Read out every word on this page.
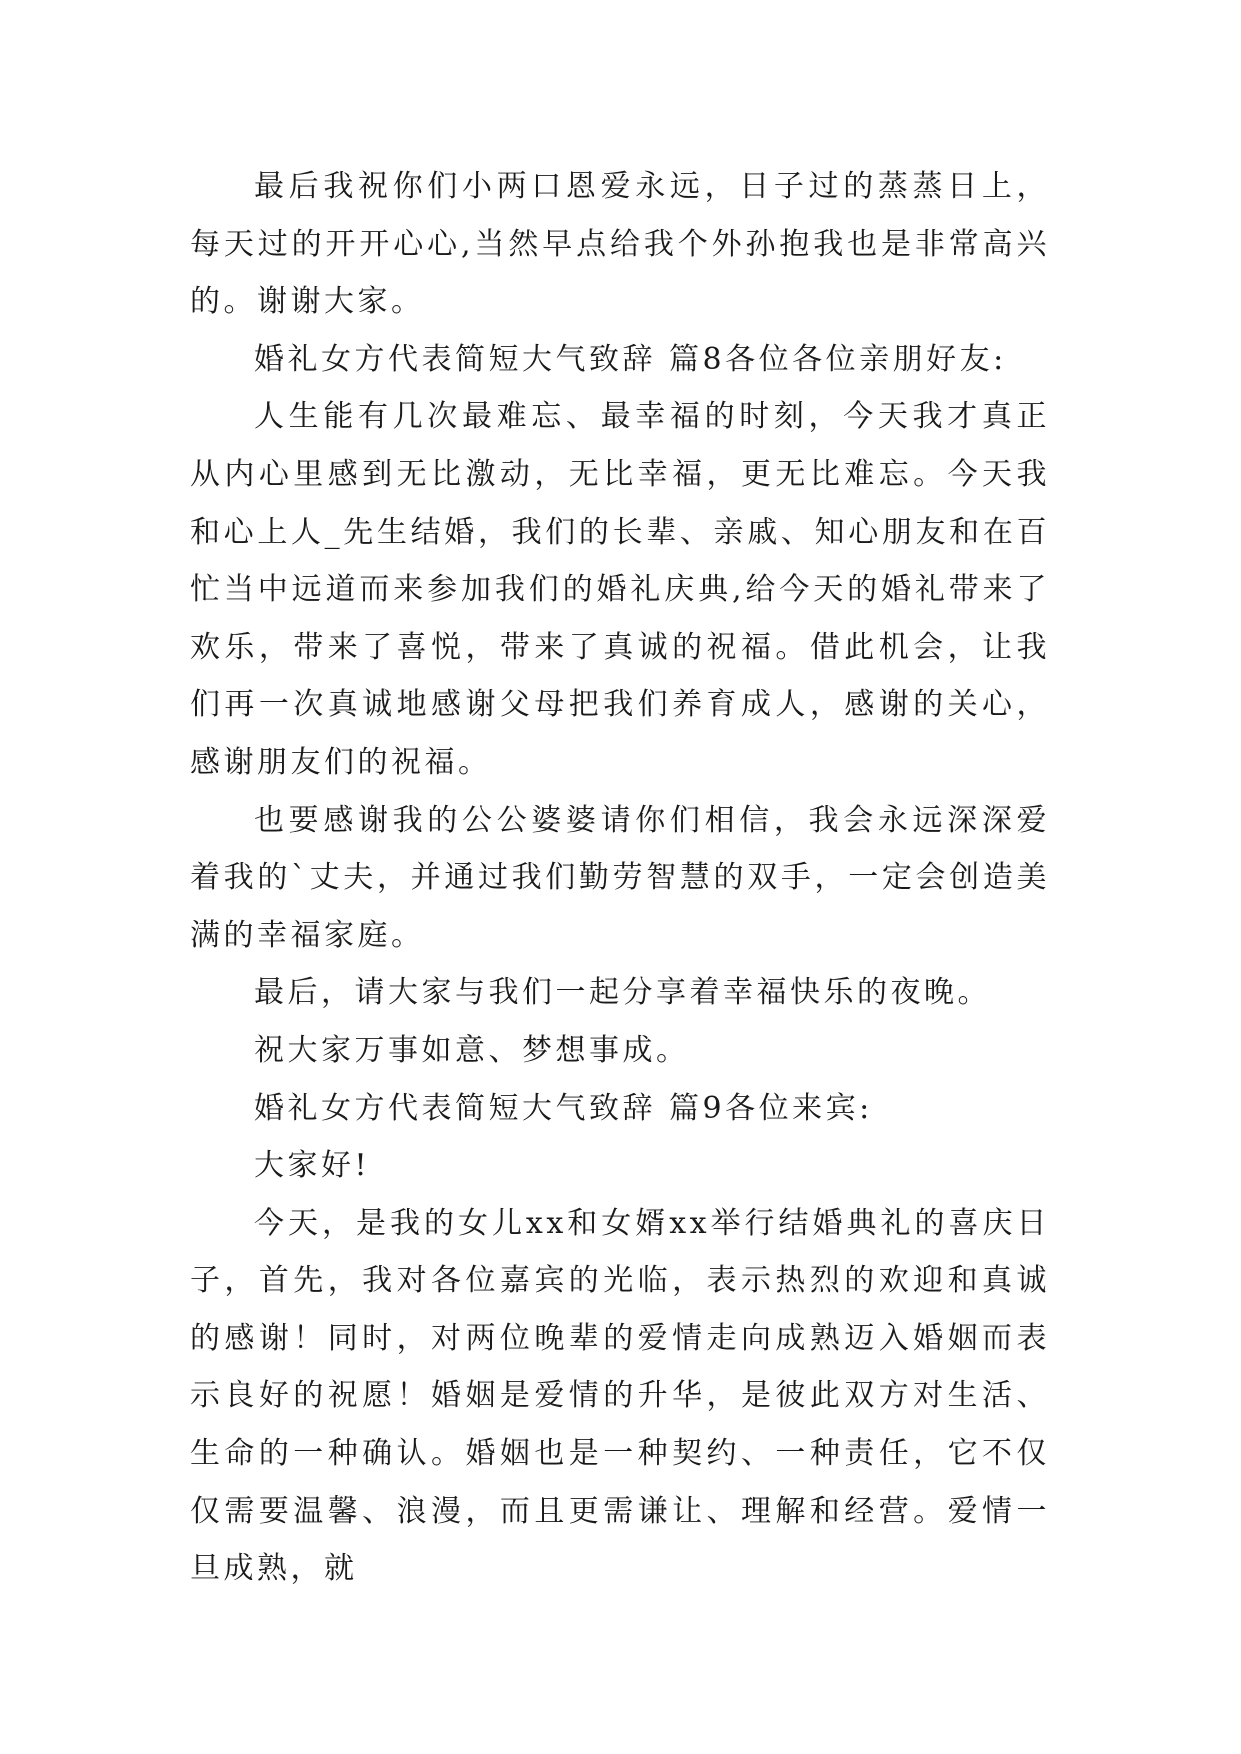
最后我祝你们小两口恩爱永远，日子过的蒸蒸日上，每天过的开开心心,当然早点给我个外孙抱我也是非常高兴的。谢谢大家。

婚礼女方代表简短大气致辞 篇8各位各位亲朋好友:

人生能有几次最难忘、最幸福的时刻，今天我才真正从内心里感到无比激动，无比幸福，更无比难忘。今天我和心上人_先生结婚，我们的长辈、亲戚、知心朋友和在百忙当中远道而来参加我们的婚礼庆典,给今天的婚礼带来了欢乐，带来了喜悦，带来了真诚的祝福。借此机会，让我们再一次真诚地感谢父母把我们养育成人，感谢的关心，感谢朋友们的祝福。

也要感谢我的公公婆婆请你们相信，我会永远深深爱着我的`丈夫，并通过我们勤劳智慧的双手，一定会创造美满的幸福家庭。

最后，请大家与我们一起分享着幸福快乐的夜晚。

祝大家万事如意、梦想事成。

婚礼女方代表简短大气致辞 篇9各位来宾:

大家好!

今天，是我的女儿xx和女婿xx举行结婚典礼的喜庆日子，首先，我对各位嘉宾的光临，表示热烈的欢迎和真诚的感谢！同时，对两位晚辈的爱情走向成熟迈入婚姻而表示良好的祝愿！婚姻是爱情的升华，是彼此双方对生活、生命的一种确认。婚姻也是一种契约、一种责任，它不仅仅需要温馨、浪漫，而且更需谦让、理解和经营。爱情一旦成熟，就
